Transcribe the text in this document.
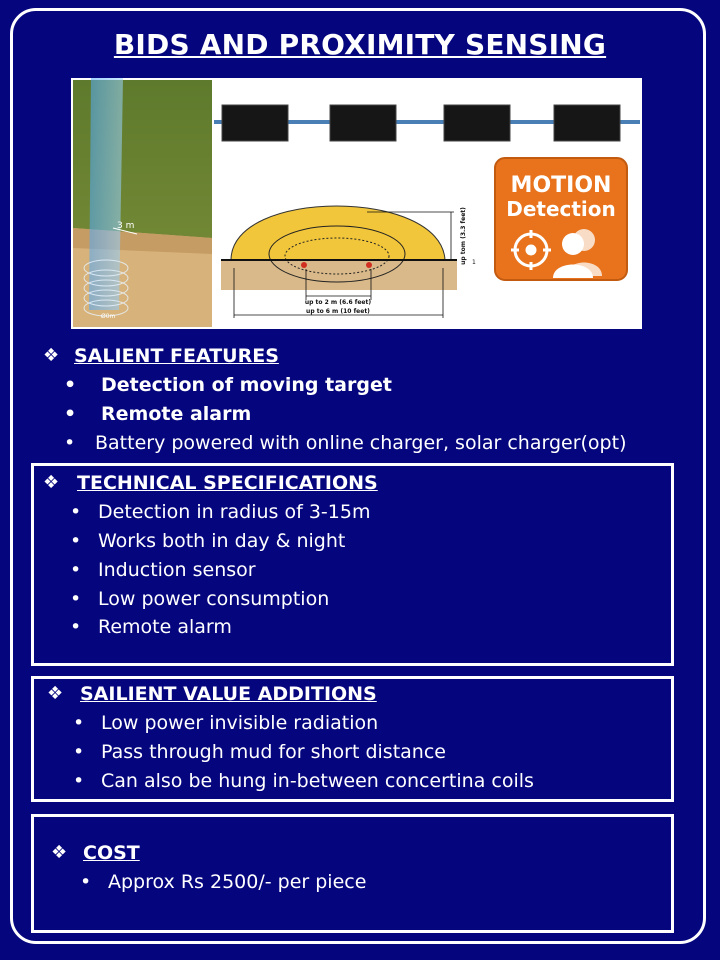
BIDS AND PROXIMITY SENSING
3 m
Ø0m
up tom (3.3 feet) 1
up to 2 m (6.6 feet)
up to 6 m (10 feet)
MOTION
Detection
❖ SALIENT FEATURES
• Detection of moving target
• Remote alarm
• Battery powered with online charger, solar charger(opt)
❖ TECHNICAL SPECIFICATIONS
• Detection in radius of 3-15m
• Works both in day & night
• Induction sensor
• Low power consumption
• Remote alarm
❖ SAILIENT VALUE ADDITIONS
• Low power invisible radiation
• Pass through mud for short distance
• Can also be hung in-between concertina coils
❖ COST
• Approx Rs 2500/- per piece
